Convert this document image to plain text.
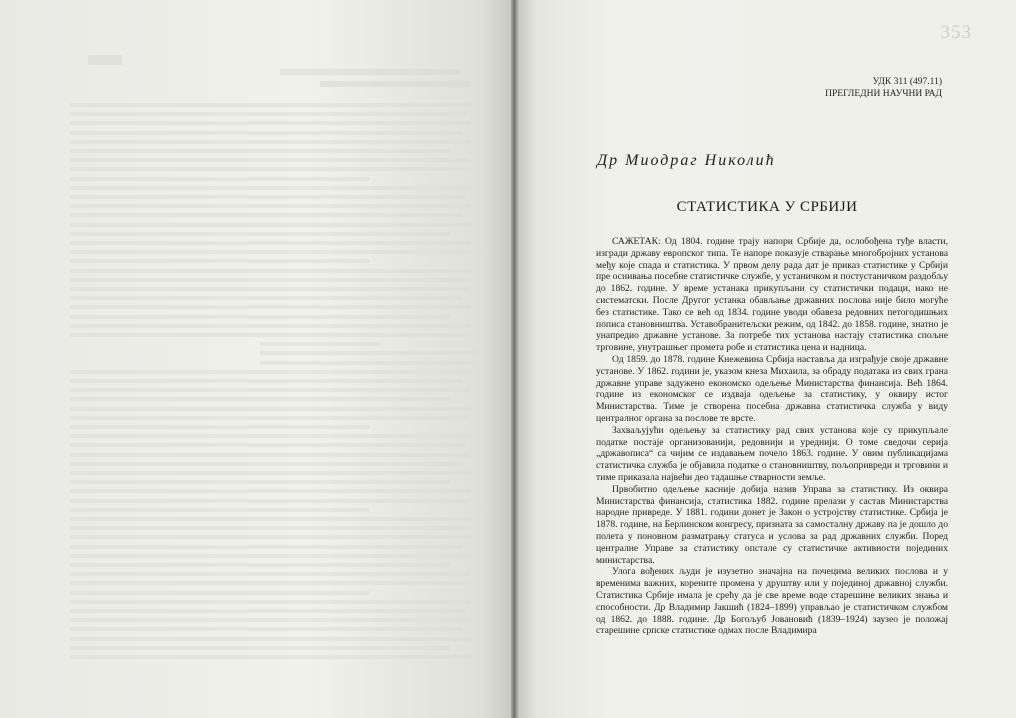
353
УДК 311 (497.11)
ПРЕГЛЕДНИ НАУЧНИ РАД
Др Миодраг Николић
СТАТИСТИКА У СРБИЈИ

САЖЕТАК: Од 1804. године трају напори Србије да, ослобођена туђе власти, изгради државу европског типа. Те напоре показује стварање многобројних установа међу које спада и статистика. У првом делу рада дат је приказ статистике у Србији пре оснивања посебне статистичке службе, у устаничком и постустаничком раздобљу до 1862. године. У време устанака прикупљани су статистички подаци, иако не систематски. После Другог устанка обављање државних послова није било могуће без статистике. Тако се већ од 1834. године уводи обавеза редовних петогодишњих пописа становништва. Уставобранитељски режим, од 1842. до 1858. године, знатно је унапредио државне установе. За потребе тих установа настају статистика спољне трговине, унутрашњег промета робе и статистика цена и надница.

Од 1859. до 1878. године Кнежевина Србија наставља да изграђује своје државне установе. У 1862. години је, указом кнеза Михаила, за обраду података из свих грана државне управе задужено економско одељење Министарства финансија. Већ 1864. године из економског се издваја одељење за статистику, у оквиру истог Министарства. Тиме је створена посебна државна статистичка служба у виду централног органа за послове те врсте.

Захваљујући одељењу за статистику рад свих установа које су прикупљале податке постаје организованији, редовнији и уреднији. О томе сведочи серија „државописа“ са чијим се издавањем почело 1863. године. У овим публикацијама статистичка служба је објавила податке о становништву, пољопривреди и трговини и тиме приказала највећи део тадашње стварности земље.

Првобитно одељење касније добија назив Управа за статистику. Из оквира Министарства финансија, статистика 1882. године прелази у састав Министарства народне привреде. У 1881. години донет је Закон о устројству статистике. Србија је 1878. године, на Берлинском конгресу, призната за самосталну државу па је дошло до полета у поновном разматрању статуса и услова за рад државних служби. Поред централне Управе за статистику опстале су статистичке активности појединих министарства.

Улога вођених људи је изузетно значајна на почецима великих послова и у временима важних, корените промена у друштву или у појединој државној служби. Статистика Србије имала је срећу да је све време воде старешине великих знања и способности. Др Владимир Јакшић (1824–1899) управљао је статистичком службом од 1862. до 1888. године. Др Богољуб Јовановић (1839–1924) заузео је положај старешине српске статистике одмах после Владимира
